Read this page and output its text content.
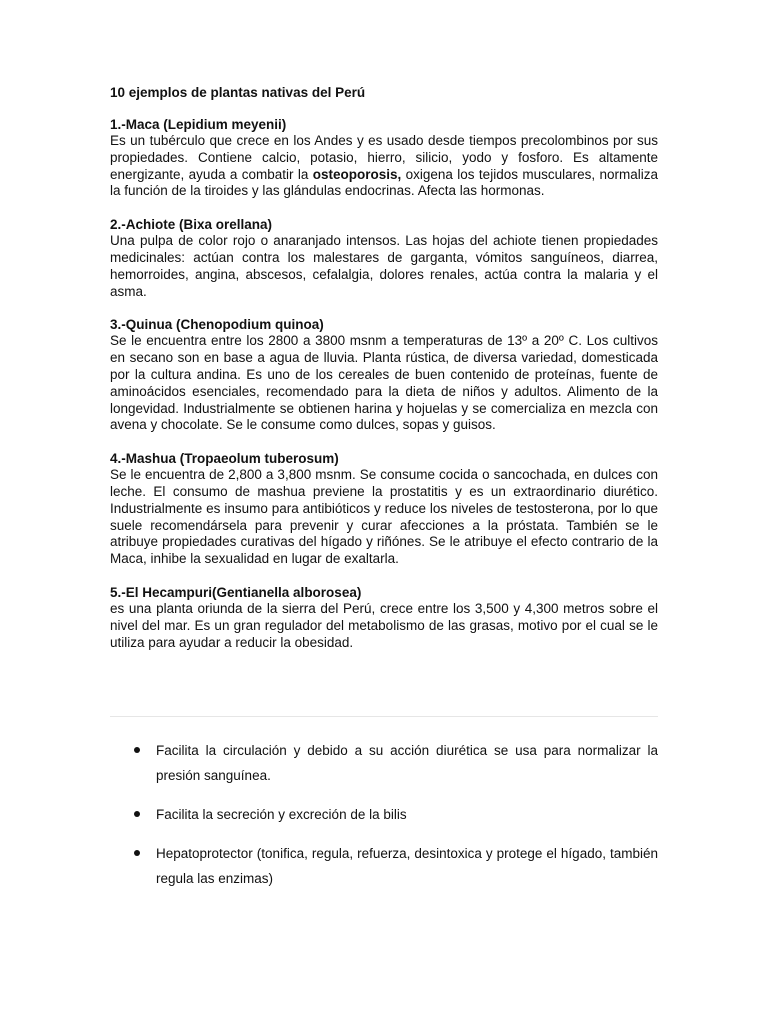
10 ejemplos de plantas nativas del Perú

1.-Maca (Lepidium meyenii)

Es un tubérculo que crece en los Andes y es usado desde tiempos precolombinos por sus propiedades. Contiene calcio, potasio, hierro, silicio, yodo y fosforo. Es altamente energizante, ayuda a combatir la osteoporosis, oxigena los tejidos musculares, normaliza la función de la tiroides y las glándulas endocrinas. Afecta las hormonas.

2.-Achiote (Bixa orellana)

Una pulpa de color rojo o anaranjado intensos. Las hojas del achiote tienen propiedades medicinales: actúan contra los malestares de garganta, vómitos sanguíneos, diarrea, hemorroides, angina, abscesos, cefalalgia, dolores renales, actúa contra la malaria y el asma.

3.-Quinua (Chenopodium quinoa)

Se le encuentra entre los 2800 a 3800 msnm a temperaturas de 13º a 20º C. Los cultivos en secano son en base a agua de lluvia. Planta rústica, de diversa variedad, domesticada por la cultura andina. Es uno de los cereales de buen contenido de proteínas, fuente de aminoácidos esenciales, recomendado para la dieta de niños y adultos. Alimento de la longevidad. Industrialmente se obtienen harina y hojuelas y se comercializa en mezcla con avena y chocolate. Se le consume como dulces, sopas y guisos.

4.-Mashua (Tropaeolum tuberosum)

Se le encuentra de 2,800 a 3,800 msnm. Se consume cocida o sancochada, en dulces con leche. El consumo de mashua previene la prostatitis y es un extraordinario diurético. Industrialmente es insumo para antibióticos y reduce los niveles de testosterona, por lo que suele recomendársela para prevenir y curar afecciones a la próstata. También se le atribuye propiedades curativas del hígado y riñónes. Se le atribuye el efecto contrario de la Maca, inhibe la sexualidad en lugar de exaltarla.

5.-El Hecampuri(Gentianella alborosea)

es una planta oriunda de la sierra del Perú, crece entre los 3,500 y 4,300 metros sobre el nivel del mar. Es un gran regulador del metabolismo de las grasas, motivo por el cual se le utiliza para ayudar a reducir la obesidad.

Facilita la circulación y debido a su acción diurética se usa para normalizar la presión sanguínea.
Facilita la secreción y excreción de la bilis
Hepatoprotector (tonifica, regula, refuerza, desintoxica y protege el hígado, también regula las enzimas)
